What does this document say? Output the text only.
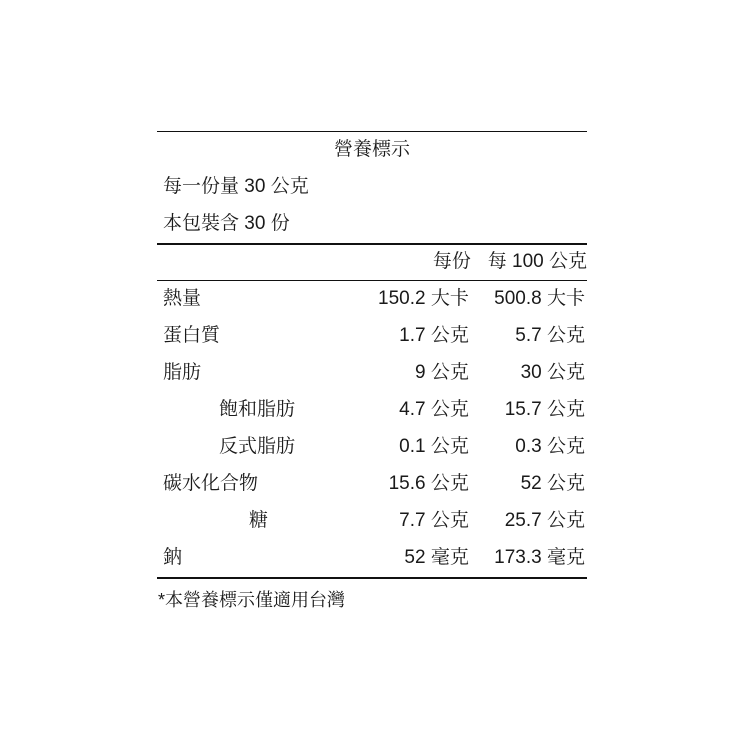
營養標示		
每一份量 30 公克		
本包裝含 30 份		
	每份	每 100 公克
熱量	150.2 大卡	500.8 大卡
蛋白質	1.7 公克	5.7 公克
脂肪	9 公克	30 公克
飽和脂肪	4.7 公克	15.7 公克
反式脂肪	0.1 公克	0.3 公克
碳水化合物	15.6 公克	52 公克
糖	7.7 公克	25.7 公克
鈉	52 毫克	173.3 毫克
*本營養標示僅適用台灣
